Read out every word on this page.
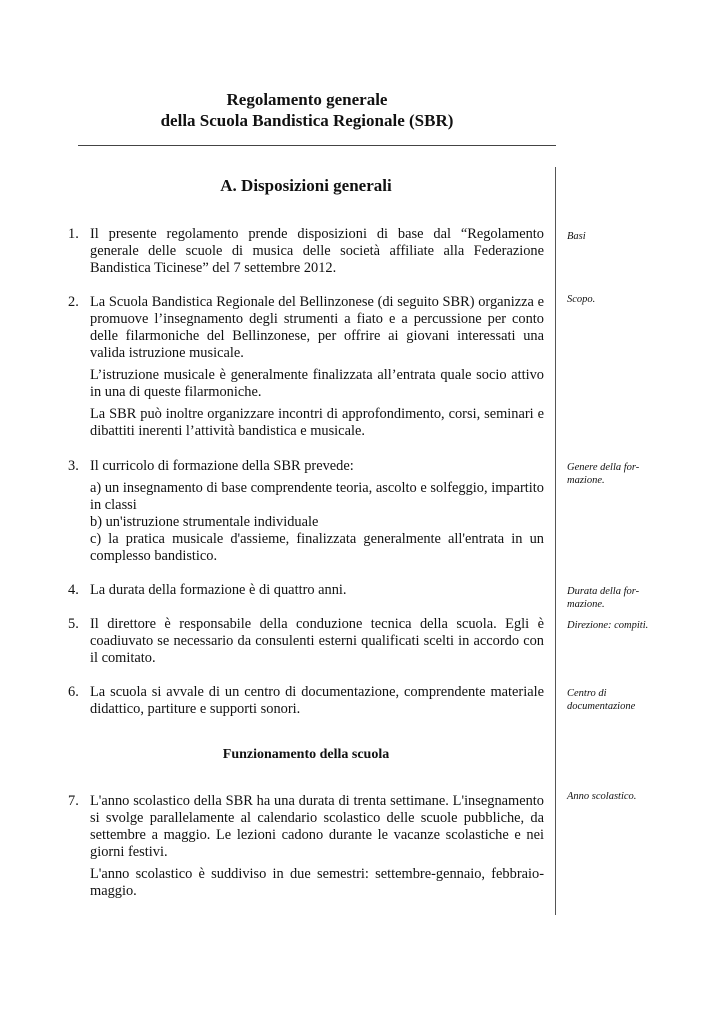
Regolamento generale
della Scuola Bandistica Regionale (SBR)
A. Disposizioni generali
1. Il presente regolamento prende disposizioni di base dal “Regolamento generale delle scuole di musica delle società affiliate alla Federazione Bandistica Ticinese” del 7 settembre 2012.

2. La Scuola Bandistica Regionale del Bellinzonese (di seguito SBR) organizza e promuove l’insegnamento degli strumenti a fiato e a percussione per conto delle filarmoniche del Bellinzonese, per offrire ai giovani interessati una valida istruzione musicale.

L’istruzione musicale è generalmente finalizzata all’entrata quale socio attivo in una di queste filarmoniche.

La SBR può inoltre organizzare incontri di approfondimento, corsi, seminari e dibattiti inerenti l’attività bandistica e musicale.

3. Il curricolo di formazione della SBR prevede:

a) un insegnamento di base comprendente teoria, ascolto e solfeggio, impartito in classi

b) un'istruzione strumentale individuale

c) la pratica musicale d'assieme, finalizzata generalmente all'entrata in un complesso bandistico.

4. La durata della formazione è di quattro anni.

5. Il direttore è responsabile della conduzione tecnica della scuola. Egli è coadiuvato se necessario da consulenti esterni qualificati scelti in accordo con il comitato.

6. La scuola si avvale di un centro di documentazione, comprendente materiale didattico, partiture e supporti sonori.

Funzionamento della scuola
7. L'anno scolastico della SBR ha una durata di trenta settimane. L'insegnamento si svolge parallelamente al calendario scolastico delle scuole pubbliche, da settembre a maggio. Le lezioni cadono durante le vacanze scolastiche e nei giorni festivi.

L'anno scolastico è suddiviso in due semestri: settembre-gennaio, febbraio-maggio.

Basi
Scopo.
Genere della for-mazione.
Durata della for-mazione.
Direzione: compiti.
Centro di documentazione
Anno scolastico.
